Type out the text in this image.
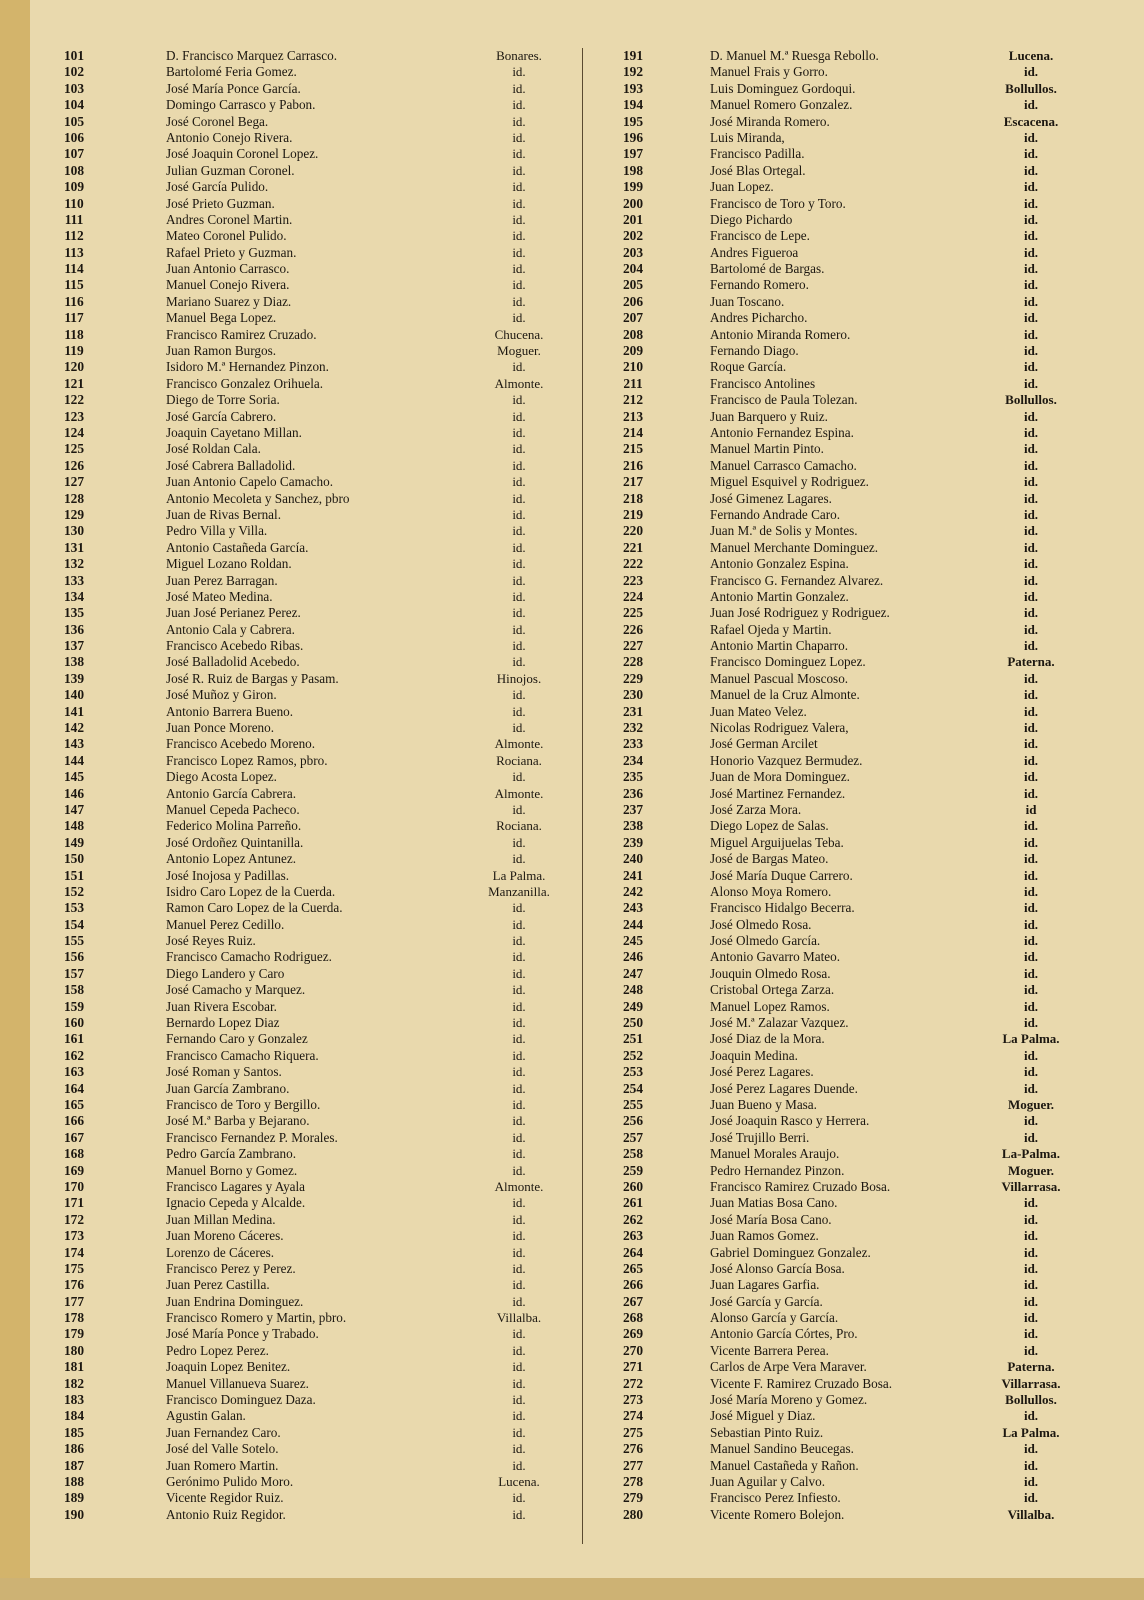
101	D. Francisco Marquez Carrasco.	Bonares.
102	Bartolomé Feria Gomez.	id.
103	José María Ponce García.	id.
104	Domingo Carrasco y Pabon.	id.
105	José Coronel Bega.	id.
106	Antonio Conejo Rivera.	id.
107	José Joaquin Coronel Lopez.	id.
108	Julian Guzman Coronel.	id.
109	José García Pulido.	id.
110	José Prieto Guzman.	id.
111	Andres Coronel Martin.	id.
112	Mateo Coronel Pulido.	id.
113	Rafael Prieto y Guzman.	id.
114	Juan Antonio Carrasco.	id.
115	Manuel Conejo Rivera.	id.
116	Mariano Suarez y Diaz.	id.
117	Manuel Bega Lopez.	id.
118	Francisco Ramirez Cruzado.	Chucena.
119	Juan Ramon Burgos.	Moguer.
120	Isidoro M.ª Hernandez Pinzon.	id.
121	Francisco Gonzalez Orihuela.	Almonte.
122	Diego de Torre Soria.	id.
123	José García Cabrero.	id.
124	Joaquin Cayetano Millan.	id.
125	José Roldan Cala.	id.
126	José Cabrera Balladolid.	id.
127	Juan Antonio Capelo Camacho.	id.
128	Antonio Mecoleta y Sanchez, pbro	id.
129	Juan de Rivas Bernal.	id.
130	Pedro Villa y Villa.	id.
131	Antonio Castañeda García.	id.
132	Miguel Lozano Roldan.	id.
133	Juan Perez Barragan.	id.
134	José Mateo Medina.	id.
135	Juan José Perianez Perez.	id.
136	Antonio Cala y Cabrera.	id.
137	Francisco Acebedo Ribas.	id.
138	José Balladolid Acebedo.	id.
139	José R. Ruiz de Bargas y Pasam.	Hinojos.
140	José Muñoz y Giron.	id.
141	Antonio Barrera Bueno.	id.
142	Juan Ponce Moreno.	id.
143	Francisco Acebedo Moreno.	Almonte.
144	Francisco Lopez Ramos, pbro.	Rociana.
145	Diego Acosta Lopez.	id.
146	Antonio García Cabrera.	Almonte.
147	Manuel Cepeda Pacheco.	id.
148	Federico Molina Parreño.	Rociana.
149	José Ordoñez Quintanilla.	id.
150	Antonio Lopez Antunez.	id.
151	José Inojosa y Padillas.	La Palma.
152	Isidro Caro Lopez de la Cuerda.	Manzanilla.
153	Ramon Caro Lopez de la Cuerda.	id.
154	Manuel Perez Cedillo.	id.
155	José Reyes Ruiz.	id.
156	Francisco Camacho Rodriguez.	id.
157	Diego Landero y Caro	id.
158	José Camacho y Marquez.	id.
159	Juan Rivera Escobar.	id.
160	Bernardo Lopez Diaz	id.
161	Fernando Caro y Gonzalez	id.
162	Francisco Camacho Riquera.	id.
163	José Roman y Santos.	id.
164	Juan García Zambrano.	id.
165	Francisco de Toro y Bergillo.	id.
166	José M.ª Barba y Bejarano.	id.
167	Francisco Fernandez P. Morales.	id.
168	Pedro García Zambrano.	id.
169	Manuel Borno y Gomez.	id.
170	Francisco Lagares y Ayala	Almonte.
171	Ignacio Cepeda y Alcalde.	id.
172	Juan Millan Medina.	id.
173	Juan Moreno Cáceres.	id.
174	Lorenzo de Cáceres.	id.
175	Francisco Perez y Perez.	id.
176	Juan Perez Castilla.	id.
177	Juan Endrina Dominguez.	id.
178	Francisco Romero y Martin, pbro.	Villalba.
179	José María Ponce y Trabado.	id.
180	Pedro Lopez Perez.	id.
181	Joaquin Lopez Benitez.	id.
182	Manuel Villanueva Suarez.	id.
183	Francisco Dominguez Daza.	id.
184	Agustin Galan.	id.
185	Juan Fernandez Caro.	id.
186	José del Valle Sotelo.	id.
187	Juan Romero Martin.	id.
188	Gerónimo Pulido Moro.	Lucena.
189	Vicente Regidor Ruiz.	id.
190	Antonio Ruiz Regidor.	id.
191	D. Manuel M.ª Ruesga Rebollo.	Lucena.
192	Manuel Frais y Gorro.	id.
193	Luis Dominguez Gordoqui.	Bollullos.
194	Manuel Romero Gonzalez.	id.
195	José Miranda Romero.	Escacena.
196	Luis Miranda,	id.
197	Francisco Padilla.	id.
198	José Blas Ortegal.	id.
199	Juan Lopez.	id.
200	Francisco de Toro y Toro.	id.
201	Diego Pichardo	id.
202	Francisco de Lepe.	id.
203	Andres Figueroa	id.
204	Bartolomé de Bargas.	id.
205	Fernando Romero.	id.
206	Juan Toscano.	id.
207	Andres Picharcho.	id.
208	Antonio Miranda Romero.	id.
209	Fernando Diago.	id.
210	Roque García.	id.
211	Francisco Antolines	id.
212	Francisco de Paula Tolezan.	Bollullos.
213	Juan Barquero y Ruiz.	id.
214	Antonio Fernandez Espina.	id.
215	Manuel Martin Pinto.	id.
216	Manuel Carrasco Camacho.	id.
217	Miguel Esquivel y Rodriguez.	id.
218	José Gimenez Lagares.	id.
219	Fernando Andrade Caro.	id.
220	Juan M.ª de Solis y Montes.	id.
221	Manuel Merchante Dominguez.	id.
222	Antonio Gonzalez Espina.	id.
223	Francisco G. Fernandez Alvarez.	id.
224	Antonio Martin Gonzalez.	id.
225	Juan José Rodriguez y Rodriguez.	id.
226	Rafael Ojeda y Martin.	id.
227	Antonio Martin Chaparro.	id.
228	Francisco Dominguez Lopez.	Paterna.
229	Manuel Pascual Moscoso.	id.
230	Manuel de la Cruz Almonte.	id.
231	Juan Mateo Velez.	id.
232	Nicolas Rodriguez Valera,	id.
233	José German Arcilet	id.
234	Honorio Vazquez Bermudez.	id.
235	Juan de Mora Dominguez.	id.
236	José Martinez Fernandez.	id.
237	José Zarza Mora.	id
238	Diego Lopez de Salas.	id.
239	Miguel Arguijuelas Teba.	id.
240	José de Bargas Mateo.	id.
241	José María Duque Carrero.	id.
242	Alonso Moya Romero.	id.
243	Francisco Hidalgo Becerra.	id.
244	José Olmedo Rosa.	id.
245	José Olmedo García.	id.
246	Antonio Gavarro Mateo.	id.
247	Jouquin Olmedo Rosa.	id.
248	Cristobal Ortega Zarza.	id.
249	Manuel Lopez Ramos.	id.
250	José M.ª Zalazar Vazquez.	id.
251	José Diaz de la Mora.	La Palma.
252	Joaquin Medina.	id.
253	José Perez Lagares.	id.
254	José Perez Lagares Duende.	id.
255	Juan Bueno y Masa.	Moguer.
256	José Joaquin Rasco y Herrera.	id.
257	José Trujillo Berri.	id.
258	Manuel Morales Araujo.	La-Palma.
259	Pedro Hernandez Pinzon.	Moguer.
260	Francisco Ramirez Cruzado Bosa.	Villarrasa.
261	Juan Matias Bosa Cano.	id.
262	José María Bosa Cano.	id.
263	Juan Ramos Gomez.	id.
264	Gabriel Dominguez Gonzalez.	id.
265	José Alonso García Bosa.	id.
266	Juan Lagares Garfia.	id.
267	José García y García.	id.
268	Alonso García y García.	id.
269	Antonio García Córtes, Pro.	id.
270	Vicente Barrera Perea.	id.
271	Carlos de Arpe Vera Maraver.	Paterna.
272	Vicente F. Ramirez Cruzado Bosa.	Villarrasa.
273	José María Moreno y Gomez.	Bollullos.
274	José Miguel y Diaz.	id.
275	Sebastian Pinto Ruiz.	La Palma.
276	Manuel Sandino Beucegas.	id.
277	Manuel Castañeda y Rañon.	id.
278	Juan Aguilar y Calvo.	id.
279	Francisco Perez Infiesto.	id.
280	Vicente Romero Bolejon.	Villalba.
